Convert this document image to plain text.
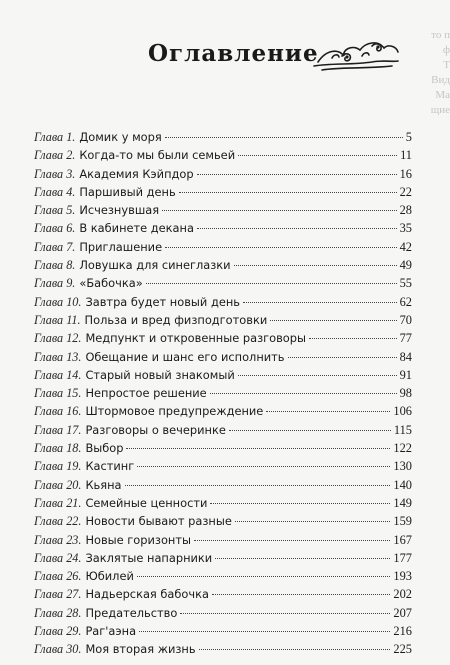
то п
ф
Т
Вид
Ма
щие
Оглавление
Глава 1. Домик у моря	5
Глава 2. Когда-то мы были семьей	11
Глава 3. Академия Кэйпдор	16
Глава 4. Паршивый день	22
Глава 5. Исчезнувшая	28
Глава 6. В кабинете декана	35
Глава 7. Приглашение	42
Глава 8. Ловушка для синеглазки	49
Глава 9. «Бабочка»	55
Глава 10. Завтра будет новый день	62
Глава 11. Польза и вред физподготовки	70
Глава 12. Медпункт и откровенные разговоры	77
Глава 13. Обещание и шанс его исполнить	84
Глава 14. Старый новый знакомый	91
Глава 15. Непростое решение	98
Глава 16. Штормовое предупреждение	106
Глава 17. Разговоры о вечеринке	115
Глава 18. Выбор	122
Глава 19. Кастинг	130
Глава 20. Кьяна	140
Глава 21. Семейные ценности	149
Глава 22. Новости бывают разные	159
Глава 23. Новые горизонты	167
Глава 24. Заклятые напарники	177
Глава 26. Юбилей	193
Глава 27. Надьерская бабочка	202
Глава 28. Предательство	207
Глава 29. Раг'аэна	216
Глава 30. Моя вторая жизнь	225
